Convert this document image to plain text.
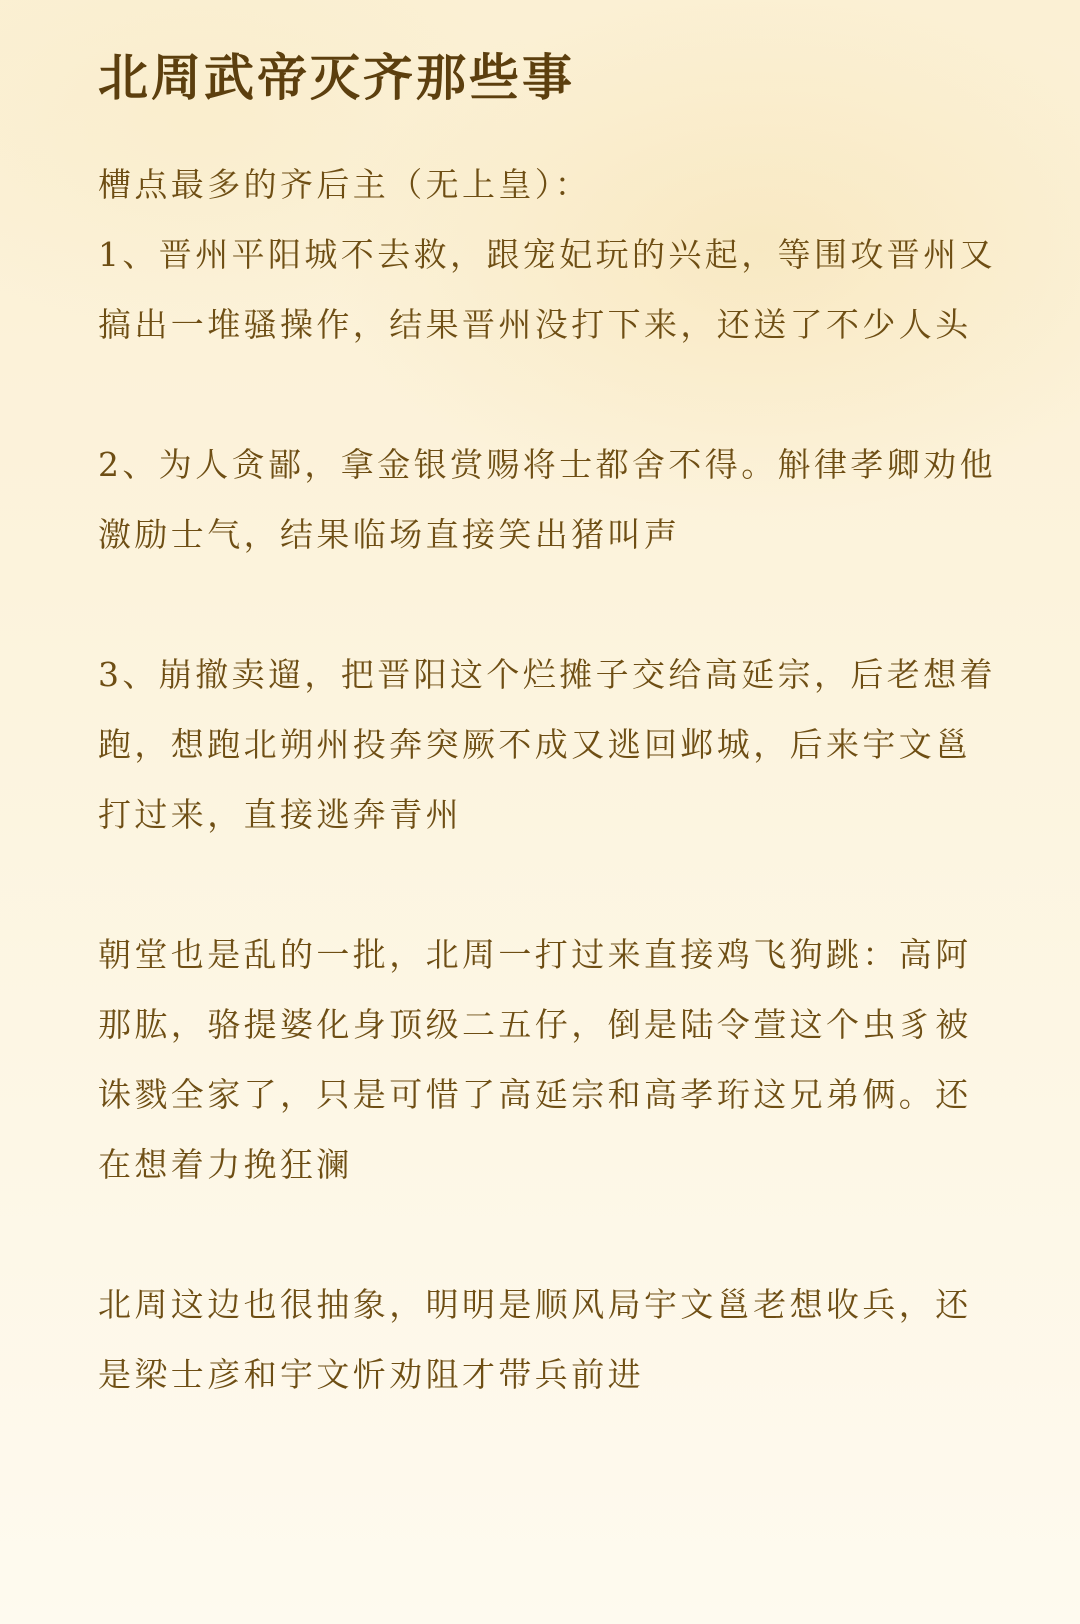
北周武帝灭齐那些事

槽点最多的齐后主（无上皇）：

1、晋州平阳城不去救，跟宠妃玩的兴起，等围攻晋州又搞出一堆骚操作，结果晋州没打下来，还送了不少人头

2、为人贪鄙，拿金银赏赐将士都舍不得。斛律孝卿劝他激励士气，结果临场直接笑出猪叫声

3、崩撤卖遛，把晋阳这个烂摊子交给高延宗，后老想着跑，想跑北朔州投奔突厥不成又逃回邺城，后来宇文邕打过来，直接逃奔青州

朝堂也是乱的一批，北周一打过来直接鸡飞狗跳：高阿那肱，骆提婆化身顶级二五仔，倒是陆令萱这个虫豸被诛戮全家了，只是可惜了高延宗和高孝珩这兄弟俩。还在想着力挽狂澜

北周这边也很抽象，明明是顺风局宇文邕老想收兵，还是梁士彦和宇文忻劝阻才带兵前进
